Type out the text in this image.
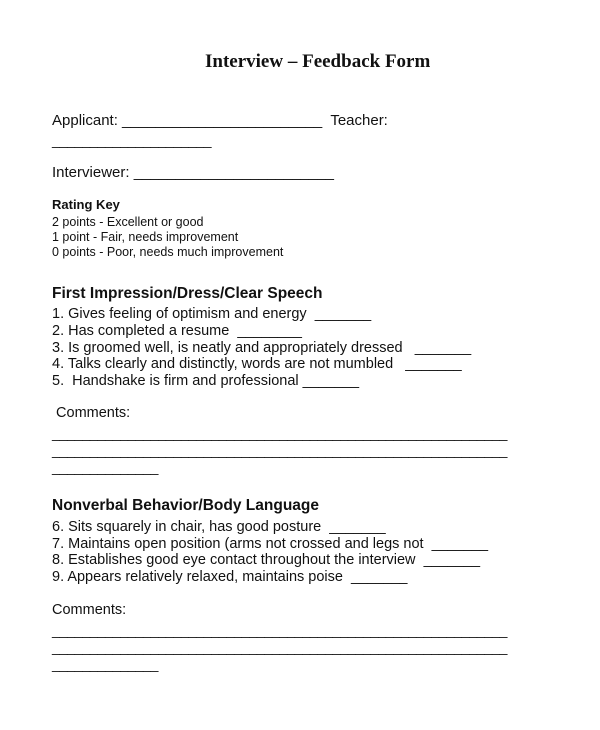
Interview – Feedback Form
Applicant: ________________________  Teacher:
_____________________
Interviewer: ________________________
Rating Key
2 points - Excellent or good
1 point - Fair, needs improvement
0 points - Poor, needs much improvement
First Impression/Dress/Clear Speech
1. Gives feeling of optimism and energy  _______
2. Has completed a resume  ________
3. Is groomed well, is neatly and appropriately dressed   _______
4. Talks clearly and distinctly, words are not mumbled   _______
5.  Handshake is firm and professional _______
Comments:
____________________________________________________________
____________________________________________________________
______________
Nonverbal Behavior/Body Language
6. Sits squarely in chair, has good posture  _______
7. Maintains open position (arms not crossed and legs not  _______
8. Establishes good eye contact throughout the interview  _______
9. Appears relatively relaxed, maintains poise  _______
Comments:
____________________________________________________________
____________________________________________________________
______________
